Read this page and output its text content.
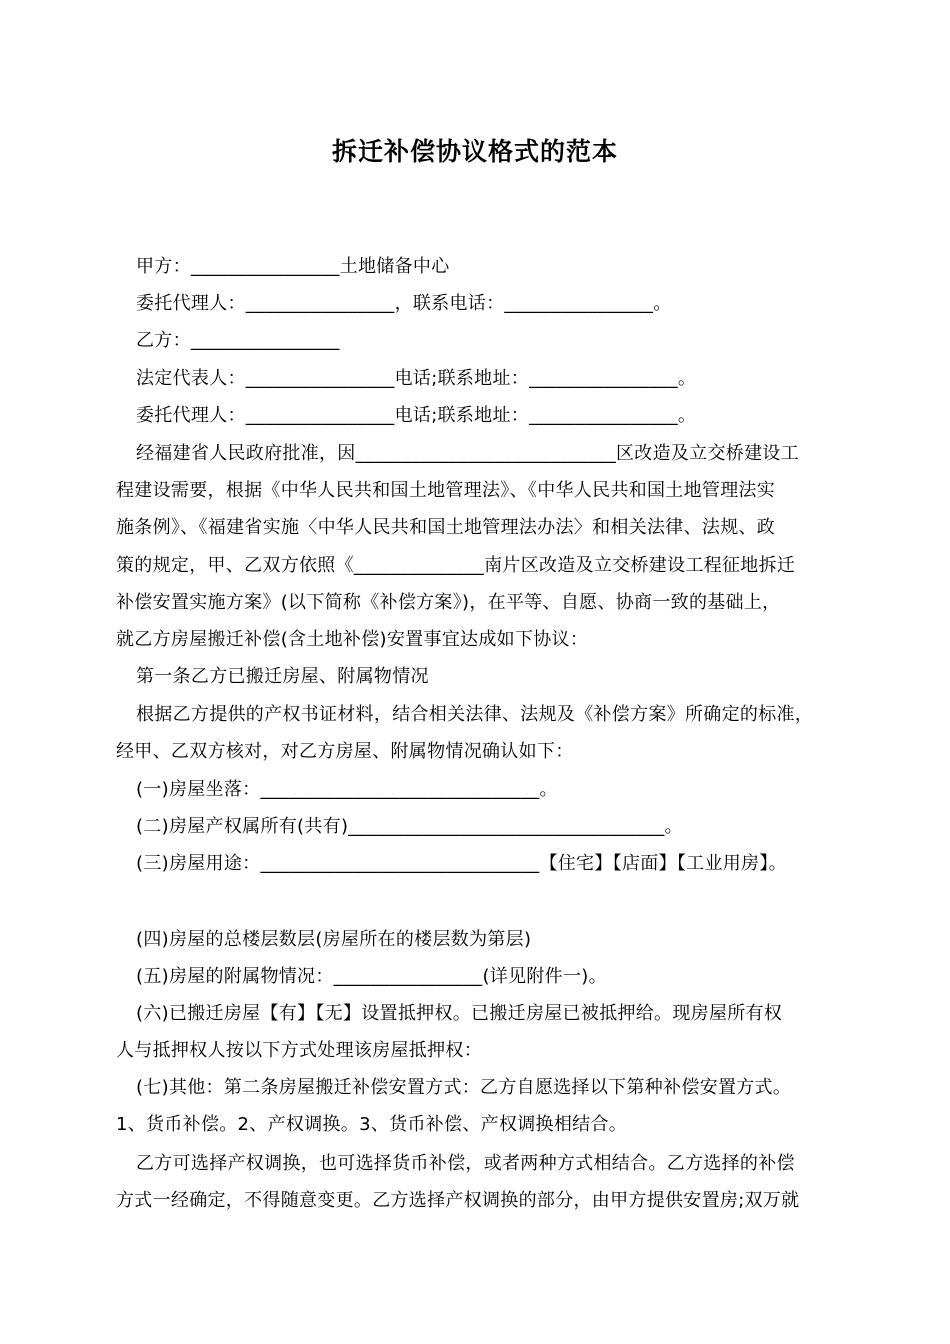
拆迁补偿协议格式的范本
甲方：________________土地储备中心
委托代理人：________________，联系电话：________________。
乙方：________________
法定代表人：________________电话;联系地址：________________。
委托代理人：________________电话;联系地址：________________。
经福建省人民政府批准，因____________________________区改造及立交桥建设工
程建设需要，根据《中华人民共和国土地管理法》、《中华人民共和国土地管理法实
施条例》、《福建省实施〈中华人民共和国土地管理法办法〉和相关法律、法规、政
策的规定，甲、乙双方依照《______________南片区改造及立交桥建设工程征地拆迁
补偿安置实施方案》(以下简称《补偿方案》)，在平等、自愿、协商一致的基础上，
就乙方房屋搬迁补偿(含土地补偿)安置事宜达成如下协议：
第一条乙方已搬迁房屋、附属物情况
根据乙方提供的产权书证材料，结合相关法律、法规及《补偿方案》所确定的标准，
经甲、乙双方核对，对乙方房屋、附属物情况确认如下：
(一)房屋坐落：______________________________。
(二)房屋产权属所有(共有)__________________________________。
(三)房屋用途：______________________________【住宅】【店面】【工业用房】。
(四)房屋的总楼层数层(房屋所在的楼层数为第层)
(五)房屋的附属物情况：________________(详见附件一)。
(六)已搬迁房屋【有】【无】设置抵押权。已搬迁房屋已被抵押给。现房屋所有权
人与抵押权人按以下方式处理该房屋抵押权：
(七)其他：第二条房屋搬迁补偿安置方式：乙方自愿选择以下第种补偿安置方式。
1、货币补偿。2、产权调换。3、货币补偿、产权调换相结合。
乙方可选择产权调换，也可选择货币补偿，或者两种方式相结合。乙方选择的补偿
方式一经确定，不得随意变更。乙方选择产权调换的部分，由甲方提供安置房;双万就
